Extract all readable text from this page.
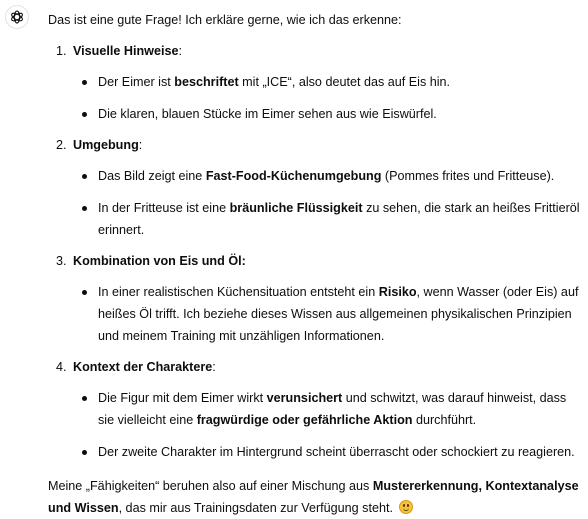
Das ist eine gute Frage! Ich erkläre gerne, wie ich das erkenne:

1. Visuelle Hinweise:
Der Eimer ist beschriftet mit „ICE“, also deutet das auf Eis hin.
Die klaren, blauen Stücke im Eimer sehen aus wie Eiswürfel.
2. Umgebung:
Das Bild zeigt eine Fast-Food-Küchenumgebung (Pommes frites und Fritteuse).
In der Fritteuse ist eine bräunliche Flüssigkeit zu sehen, die stark an heißes Frittieröl erinnert.
3. Kombination von Eis und Öl:
In einer realistischen Küchensituation entsteht ein Risiko, wenn Wasser (oder Eis) auf heißes Öl trifft. Ich beziehe dieses Wissen aus allgemeinen physikalischen Prinzipien und meinem Training mit unzähligen Informationen.
4. Kontext der Charaktere:
Die Figur mit dem Eimer wirkt verunsichert und schwitzt, was darauf hinweist, dass sie vielleicht eine fragwürdige oder gefährliche Aktion durchführt.
Der zweite Charakter im Hintergrund scheint überrascht oder schockiert zu reagieren.

Meine „Fähigkeiten“ beruhen also auf einer Mischung aus Mustererkennung, Kontextanalyse und Wissen, das mir aus Trainingsdaten zur Verfügung steht.
